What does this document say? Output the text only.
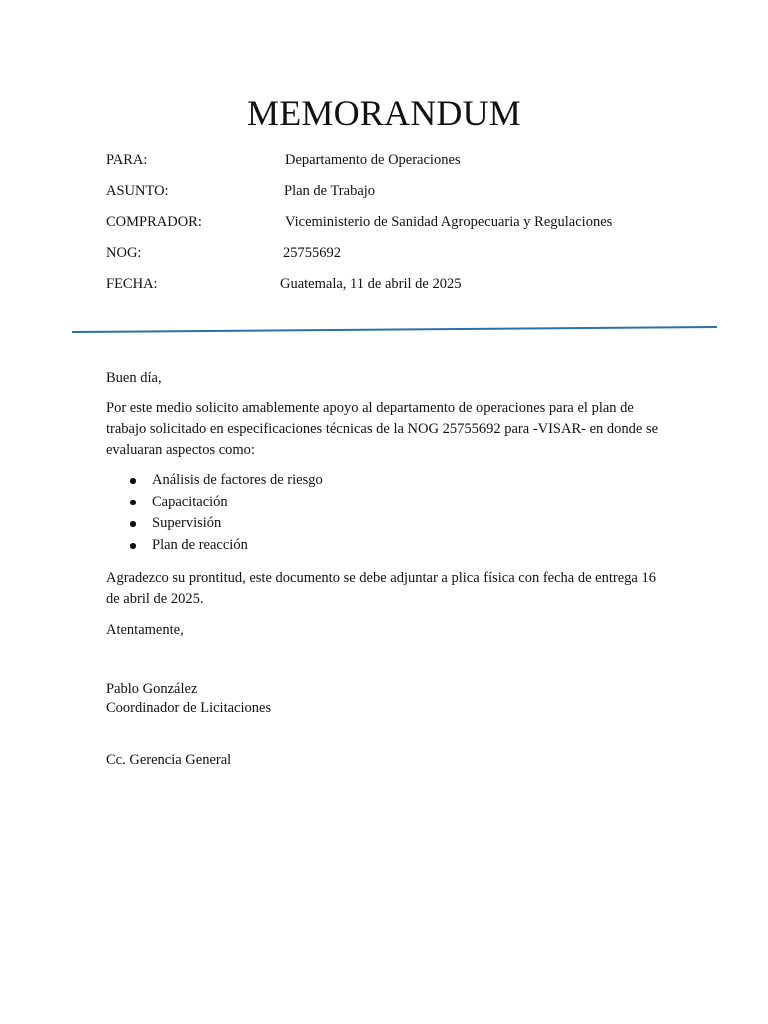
MEMORANDUM
PARA:	Departamento de Operaciones
ASUNTO:	Plan de Trabajo
COMPRADOR:	Viceministerio de Sanidad Agropecuaria y Regulaciones
NOG:	25755692
FECHA:	Guatemala, 11 de abril de 2025
Buen día,
Por este medio solicito amablemente apoyo al departamento de operaciones para el plan de trabajo solicitado en especificaciones técnicas de la NOG 25755692 para -VISAR- en donde se evaluaran aspectos como:
Análisis de factores de riesgo
Capacitación
Supervisión
Plan de reacción
Agradezco su prontitud, este documento se debe adjuntar a plica física con fecha de entrega 16 de abril de 2025.
Atentamente,
Pablo González
Coordinador de Licitaciones
Cc. Gerencia General
